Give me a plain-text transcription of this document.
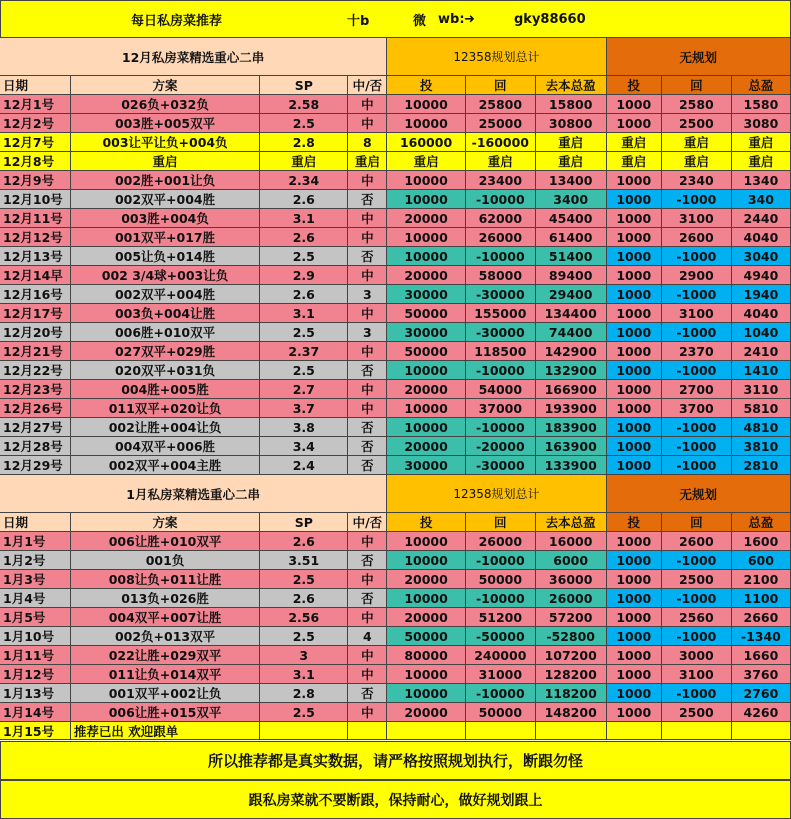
每日私房菜推荐	十b	微 wb: ➜	gky88660
12月私房菜精选重心二串	12358规划总计	无规划
日期	方案	SP	中/否	投	回	去本总盈	投	回	总盈
12月1号	026负+032负	2.58	中	10000	25800	15800	1000	2580	1580
12月2号	003胜+005双平	2.5	中	10000	25000	30800	1000	2500	3080
12月7号	003让平让负+004负	2.8	8	160000	-160000	重启	重启	重启	重启
12月8号	重启	重启	重启	重启	重启	重启	重启	重启	重启
12月9号	002胜+001让负	2.34	中	10000	23400	13400	1000	2340	1340
12月10号	002双平+004胜	2.6	否	10000	-10000	3400	1000	-1000	340
12月11号	003胜+004负	3.1	中	20000	62000	45400	1000	3100	2440
12月12号	001双平+017胜	2.6	中	10000	26000	61400	1000	2600	4040
12月13号	005让负+014胜	2.5	否	10000	-10000	51400	1000	-1000	3040
12月14早	002 3/4球+003让负	2.9	中	20000	58000	89400	1000	2900	4940
12月16号	002双平+004胜	2.6	3	30000	-30000	29400	1000	-1000	1940
12月17号	003负+004让胜	3.1	中	50000	155000	134400	1000	3100	4040
12月20号	006胜+010双平	2.5	3	30000	-30000	74400	1000	-1000	1040
12月21号	027双平+029胜	2.37	中	50000	118500	142900	1000	2370	2410
12月22号	020双平+031负	2.5	否	10000	-10000	132900	1000	-1000	1410
12月23号	004胜+005胜	2.7	中	20000	54000	166900	1000	2700	3110
12月26号	011双平+020让负	3.7	中	10000	37000	193900	1000	3700	5810
12月27号	002让胜+004让负	3.8	否	10000	-10000	183900	1000	-1000	4810
12月28号	004双平+006胜	3.4	否	20000	-20000	163900	1000	-1000	3810
12月29号	002双平+004主胜	2.4	否	30000	-30000	133900	1000	-1000	2810
1月私房菜精选重心二串	12358规划总计	无规划
日期	方案	SP	中/否	投	回	去本总盈	投	回	总盈
1月1号	006让胜+010双平	2.6	中	10000	26000	16000	1000	2600	1600
1月2号	001负	3.51	否	10000	-10000	6000	1000	-1000	600
1月3号	008让负+011让胜	2.5	中	20000	50000	36000	1000	2500	2100
1月4号	013负+026胜	2.6	否	10000	-10000	26000	1000	-1000	1100
1月5号	004双平+007让胜	2.56	中	20000	51200	57200	1000	2560	2660
1月10号	002负+013双平	2.5	4	50000	-50000	-52800	1000	-1000	-1340
1月11号	022让胜+029双平	3	中	80000	240000	107200	1000	3000	1660
1月12号	011让负+014双平	3.1	中	10000	31000	128200	1000	3100	3760
1月13号	001双平+002让负	2.8	否	10000	-10000	118200	1000	-1000	2760
1月14号	006让胜+015双平	2.5	中	20000	50000	148200	1000	2500	4260
1月15号	推荐已出 欢迎跟单
所以推荐都是真实数据，请严格按照规划执行，断跟勿怪
跟私房菜就不要断跟，保持耐心，做好规划跟上
